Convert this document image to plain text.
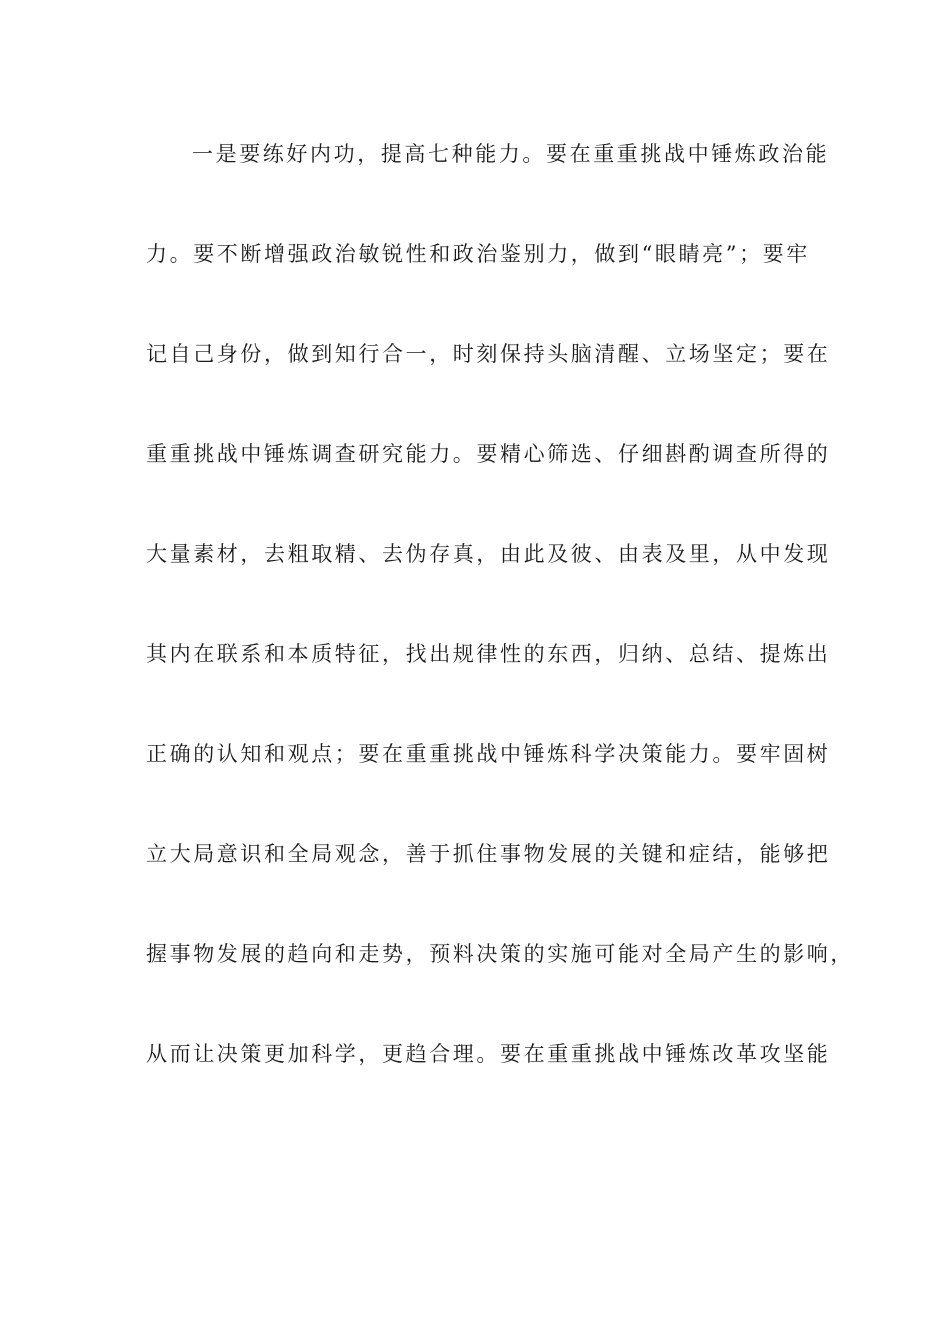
一是要练好内功，提高七种能力。要在重重挑战中锤炼政治能
力。要不断增强政治敏锐性和政治鉴别力，做到“眼睛亮”；要牢
记自己身份，做到知行合一，时刻保持头脑清醒、立场坚定；要在
重重挑战中锤炼调查研究能力。要精心筛选、仔细斟酌调查所得的
大量素材，去粗取精、去伪存真，由此及彼、由表及里，从中发现
其内在联系和本质特征，找出规律性的东西，归纳、总结、提炼出
正确的认知和观点；要在重重挑战中锤炼科学决策能力。要牢固树
立大局意识和全局观念，善于抓住事物发展的关键和症结，能够把
握事物发展的趋向和走势，预料决策的实施可能对全局产生的影响，
从而让决策更加科学，更趋合理。要在重重挑战中锤炼改革攻坚能
